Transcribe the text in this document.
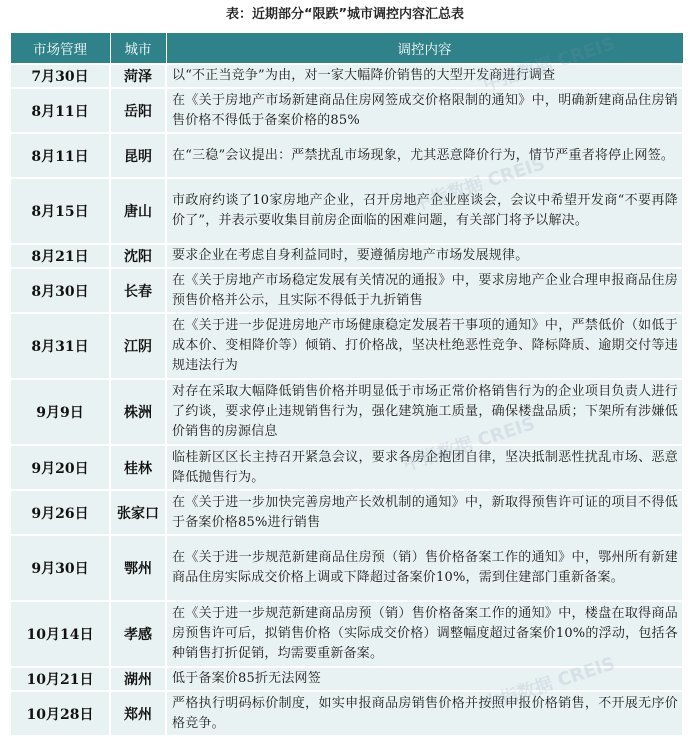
表：近期部分“限跌”城市调控内容汇总表
市场管理	城市	调控内容
7月30日	菏泽	以“不正当竞争”为由，对一家大幅降价销售的大型开发商进行调查
8月11日	岳阳	在《关于房地产市场新建商品住房网签成交价格限制的通知》中，明确新建商品住房销售价格不得低于备案价格的85%
8月11日	昆明	在“三稳”会议提出：严禁扰乱市场现象，尤其恶意降价行为，情节严重者将停止网签。
8月15日	唐山	市政府约谈了10家房地产企业，召开房地产企业座谈会，会议中希望开发商“不要再降价了”，并表示要收集目前房企面临的困难问题，有关部门将予以解决。
8月21日	沈阳	要求企业在考虑自身利益同时，要遵循房地产市场发展规律。
8月30日	长春	在《关于房地产市场稳定发展有关情况的通报》中，要求房地产企业合理申报商品住房预售价格并公示，且实际不得低于九折销售
8月31日	江阴	在《关于进一步促进房地产市场健康稳定发展若干事项的通知》中，严禁低价（如低于成本价、变相降价等）倾销、打价格战，坚决杜绝恶性竞争、降标降质、逾期交付等违规违法行为
9月9日	株洲	对存在采取大幅降低销售价格并明显低于市场正常价格销售行为的企业项目负责人进行了约谈，要求停止违规销售行为，强化建筑施工质量，确保楼盘品质；下架所有涉嫌低价销售的房源信息
9月20日	桂林	临桂新区区长主持召开紧急会议，要求各房企抱团自律，坚决抵制恶性扰乱市场、恶意降低抛售行为。
9月26日	张家口	在《关于进一步加快完善房地产长效机制的通知》中，新取得预售许可证的项目不得低于备案价格85%进行销售
9月30日	鄂州	在《关于进一步规范新建商品住房预（销）售价格备案工作的通知》中，鄂州所有新建商品住房实际成交价格上调或下降超过备案价10%，需到住建部门重新备案。
10月14日	孝感	在《关于进一步规范新建商品房预（销）售价格备案工作的通知》中，楼盘在取得商品房预售许可后，拟销售价格（实际成交价格）调整幅度超过备案价10%的浮动，包括各种销售打折促销，均需要重新备案。
10月21日	湖州	低于备案价85折无法网签
10月28日	郑州	严格执行明码标价制度，如实申报商品房销售价格并按照申报价格销售，不开展无序价格竞争。
